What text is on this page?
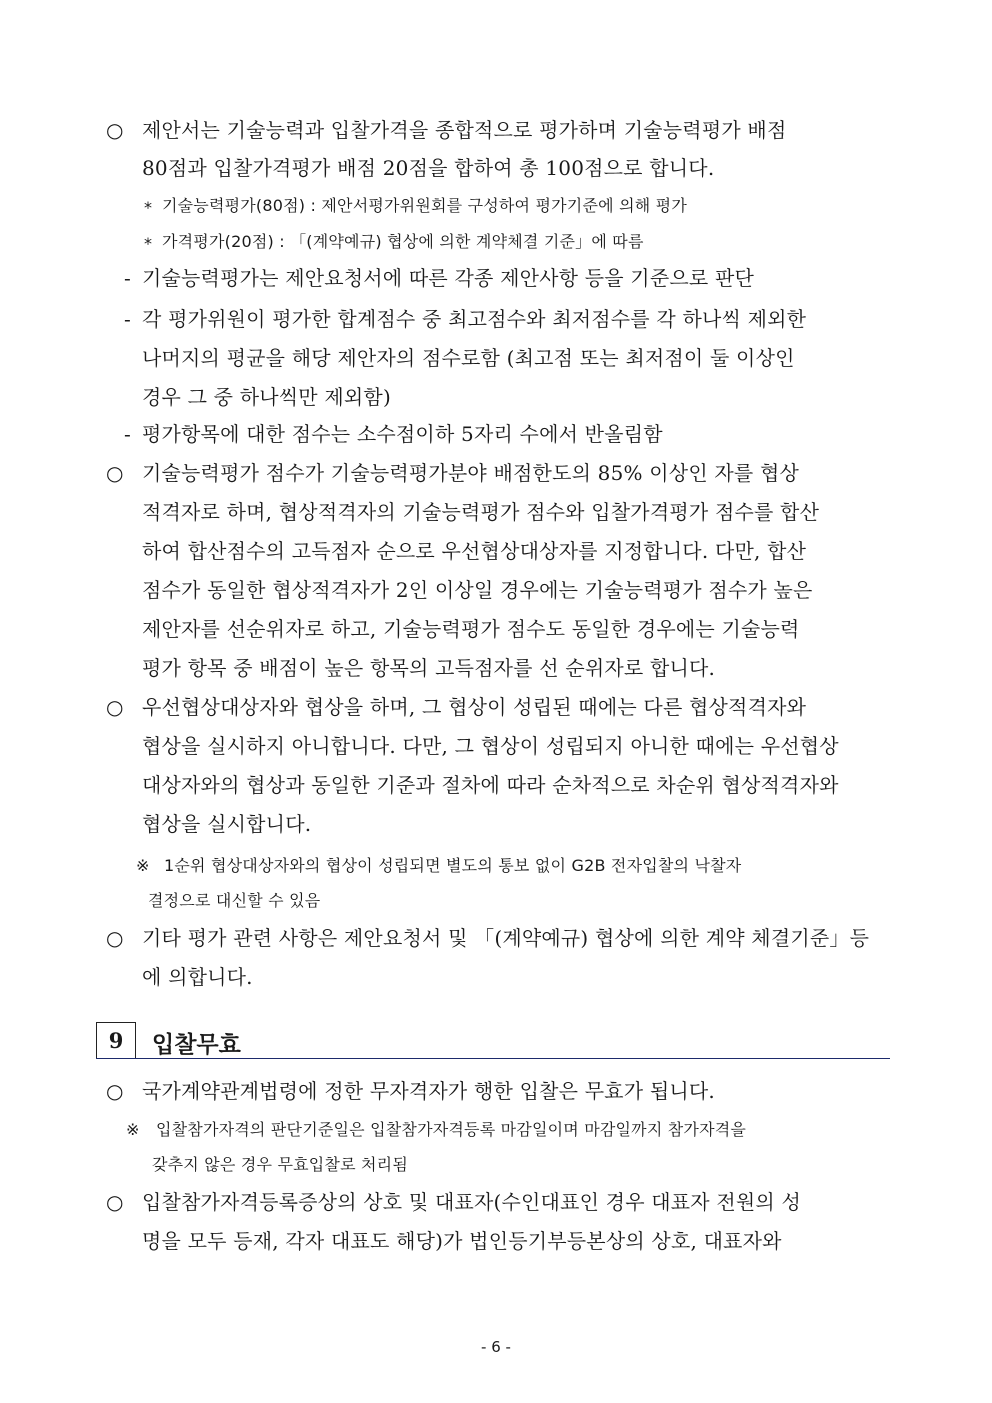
○ 제안서는 기술능력과 입찰가격을 종합적으로 평가하며 기술능력평가 배점
80점과 입찰가격평가 배점 20점을 합하여 총 100점으로 합니다.
* 기술능력평가(80점) : 제안서평가위원회를 구성하여 평가기준에 의해 평가
* 가격평가(20점) : 「(계약예규) 협상에 의한 계약체결 기준」에 따름
- 기술능력평가는 제안요청서에 따른 각종 제안사항 등을 기준으로 판단
- 각 평가위원이 평가한 합계점수 중 최고점수와 최저점수를 각 하나씩 제외한
나머지의 평균을 해당 제안자의 점수로함 (최고점 또는 최저점이 둘 이상인
경우 그 중 하나씩만 제외함)
- 평가항목에 대한 점수는 소수점이하 5자리 수에서 반올림함
○ 기술능력평가 점수가 기술능력평가분야 배점한도의 85% 이상인 자를 협상
적격자로 하며, 협상적격자의 기술능력평가 점수와 입찰가격평가 점수를 합산
하여 합산점수의 고득점자 순으로 우선협상대상자를 지정합니다. 다만, 합산
점수가 동일한 협상적격자가 2인 이상일 경우에는 기술능력평가 점수가 높은
제안자를 선순위자로 하고, 기술능력평가 점수도 동일한 경우에는 기술능력
평가 항목 중 배점이 높은 항목의 고득점자를 선 순위자로 합니다.
○ 우선협상대상자와 협상을 하며, 그 협상이 성립된 때에는 다른 협상적격자와
협상을 실시하지 아니합니다. 다만, 그 협상이 성립되지 아니한 때에는 우선협상
대상자와의 협상과 동일한 기준과 절차에 따라 순차적으로 차순위 협상적격자와
협상을 실시합니다.
※ 1순위 협상대상자와의 협상이 성립되면 별도의 통보 없이 G2B 전자입찰의 낙찰자
결정으로 대신할 수 있음
○ 기타 평가 관련 사항은 제안요청서 및 「(계약예규) 협상에 의한 계약 체결기준」등
에 의합니다.
9 입찰무효
○ 국가계약관계법령에 정한 무자격자가 행한 입찰은 무효가 됩니다.
※ 입찰참가자격의 판단기준일은 입찰참가자격등록 마감일이며 마감일까지 참가자격을
갖추지 않은 경우 무효입찰로 처리됨
○ 입찰참가자격등록증상의 상호 및 대표자(수인대표인 경우 대표자 전원의 성
명을 모두 등재, 각자 대표도 해당)가 법인등기부등본상의 상호, 대표자와
- 6 -
